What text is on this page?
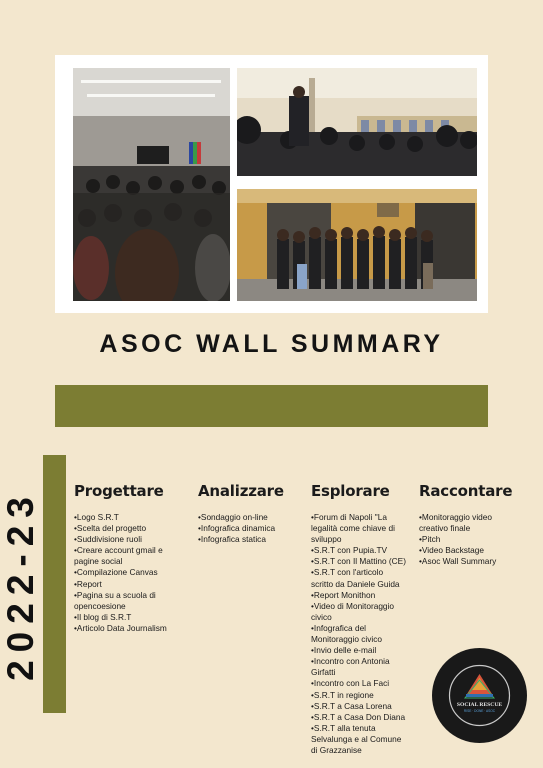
ASOC WALL SUMMARY
2022-23 Progettare
•Logo S.R.T
•Scelta del progetto
•Suddivisione ruoli
•Creare account gmail e
pagine social
•Compilazione Canvas
•Report
•Pagina su a scuola di
opencoesione
•Il blog di S.R.T
•Articolo Data Journalism
Analizzare
•Sondaggio on-line
•Infografica dinamica
•Infografica statica
Esplorare
•Forum di Napoli "La
legalità come chiave di
sviluppo
•S.R.T con Pupia.TV
•S.R.T con Il Mattino (CE)
•S.R.T con l'articolo
scritto da Daniele Guida
•Report Monithon
•Video di Monitoraggio
civico
•Infografica del
Monitoraggio civico
•Invio delle e-mail
•Incontro con Antonia
Girfatti
•Incontro con La Faci
•S.R.T in regione
•S.R.T a Casa Lorena
•S.R.T a Casa Don Diana
•S.R.T alla tenuta
Selvalunga e al Comune
di Grazzanise
Raccontare
•Monitoraggio video
creativo finale
•Pitch
•Video Backstage
•Asoc Wall Summary
SOCIAL RESCUE
RISE · DONE · ASOC
